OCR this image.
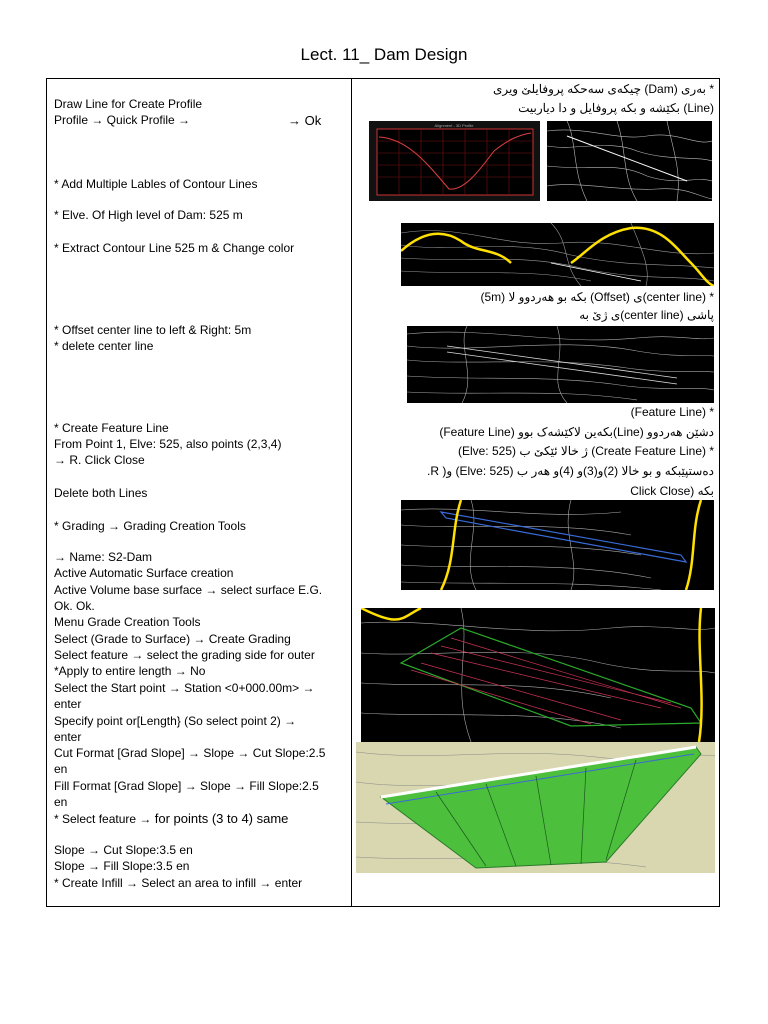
Lect. 11_ Dam Design
Draw Line for Create Profile
Profile → Quick Profile →	→ Ok
* Add Multiple Lables of Contour Lines
* Elve. Of High level of Dam: 525 m
* Extract Contour Line 525 m & Change color
* Offset center line to left & Right: 5m
* delete center line
* Create Feature Line
From Point 1, Elve: 525, also points (2,3,4)
→ R. Click Close
Delete both Lines
* Grading → Grading Creation Tools
→ Name: S2-Dam
Active Automatic Surface creation
Active Volume base surface → select surface E.G.
Ok. Ok.
Menu Grade Creation Tools
Select (Grade to Surface) → Create Grading
Select feature → select the grading side for outer
*Apply to entire length → No
Select the Start point → Station <0+000.00m> →
enter
Specify point or[Length} (So select point 2) →
enter
Cut Format [Grad Slope] → Slope → Cut Slope:2.5
en
Fill Format [Grad Slope] → Slope → Fill Slope:2.5
en
* Select feature → for points (3 to 4) same
Slope → Cut Slope:3.5 en
Slope → Fill Slope:3.5 en
* Create Infill → Select an area to infill → enter
* بەری (Dam) چیکەی سەحکە پروفایلێ ویری
(Line) بکێشە و بکە پروفایل و دا دیاربیت
* (center line)ی (Offset) بکە بو هەردوو لا (5m)
پاشی (center line)ی ژێ بە
* (Feature Line)
دشێن هەردوو (Line)بکەین لاکێشەک بوو (Feature Line)
* (Create Feature Line) ژ خالا ئێکێ ب (Elve: 525)
دەستپێبکە و بو خالا (2)و(3)و (4)و هەر ب (Elve: 525) و( R.
بکە (Click Close
Alignment - 3D Profile
